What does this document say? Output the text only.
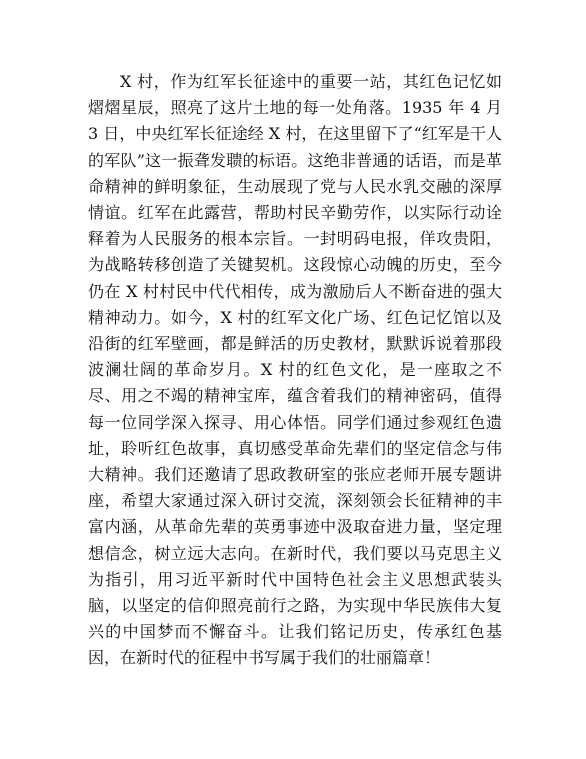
X 村，作为红军长征途中的重要一站，其红色记忆如熠熠星辰，照亮了这片土地的每一处角落。1935 年 4 月 3 日，中央红军长征途经 X 村，在这里留下了“红军是干人的军队”这一振聋发聩的标语。这绝非普通的话语，而是革命精神的鲜明象征，生动展现了党与人民水乳交融的深厚情谊。红军在此露营，帮助村民辛勤劳作，以实际行动诠释着为人民服务的根本宗旨。一封明码电报，佯攻贵阳，为战略转移创造了关键契机。这段惊心动魄的历史，至今仍在 X 村村民中代代相传，成为激励后人不断奋进的强大精神动力。如今，X 村的红军文化广场、红色记忆馆以及沿街的红军壁画，都是鲜活的历史教材，默默诉说着那段波澜壮阔的革命岁月。X 村的红色文化，是一座取之不尽、用之不竭的精神宝库，蕴含着我们的精神密码，值得每一位同学深入探寻、用心体悟。同学们通过参观红色遗址，聆听红色故事，真切感受革命先辈们的坚定信念与伟大精神。我们还邀请了思政教研室的张应老师开展专题讲座，希望大家通过深入研讨交流，深刻领会长征精神的丰富内涵，从革命先辈的英勇事迹中汲取奋进力量，坚定理想信念，树立远大志向。在新时代，我们要以马克思主义为指引，用习近平新时代中国特色社会主义思想武装头脑，以坚定的信仰照亮前行之路，为实现中华民族伟大复兴的中国梦而不懈奋斗。让我们铭记历史，传承红色基因，在新时代的征程中书写属于我们的壮丽篇章！
